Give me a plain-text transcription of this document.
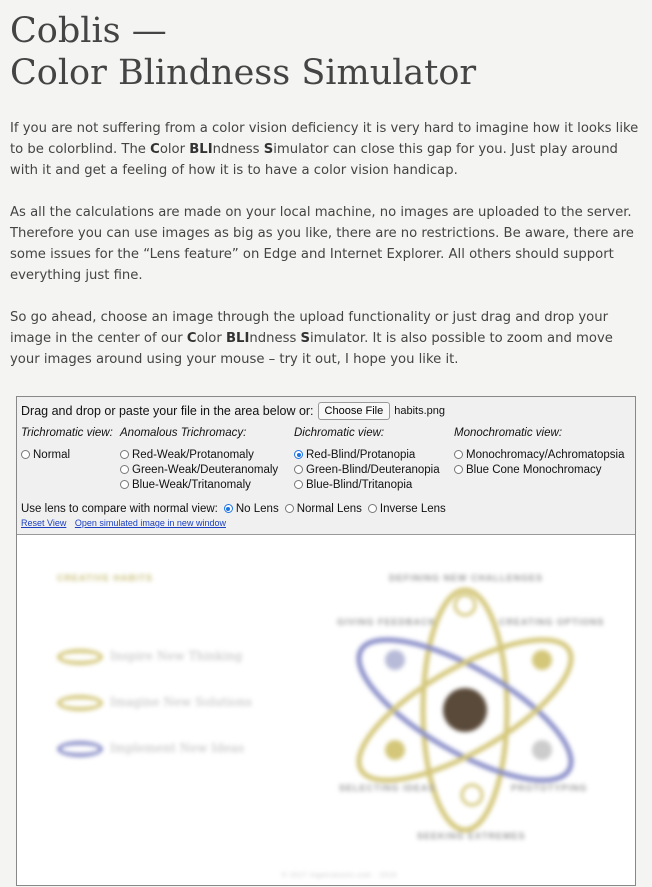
Coblis —
Color Blindness Simulator

If you are not suffering from a color vision deficiency it is very hard to imagine how it looks like to be colorblind. The Color BLIndness Simulator can close this gap for you. Just play around with it and get a feeling of how it is to have a color vision handicap.

As all the calculations are made on your local machine, no images are uploaded to the server. Therefore you can use images as big as you like, there are no restrictions. Be aware, there are some issues for the “Lens feature” on Edge and Internet Explorer. All others should support everything just fine.

So go ahead, choose an image through the upload functionality or just drag and drop your image in the center of our Color BLIndness Simulator. It is also possible to zoom and move your images around using your mouse – try it out, I hope you like it.

Drag and drop or paste your file in the area below or:	Choose File	habits.png
Trichromatic view:
Normal
Anomalous Trichromacy:
Red-Weak/Protanomaly
Green-Weak/Deuteranomaly
Blue-Weak/Tritanomaly
Dichromatic view:
Red-Blind/Protanopia
Green-Blind/Deuteranopia
Blue-Blind/Tritanopia
Monochromatic view:
Monochromacy/Achromatopsia
Blue Cone Monochromacy
Use lens to compare with normal view: No Lens Normal Lens Inverse Lens
Reset View Open simulated image in new window
CREATIVE HABITS
Inspire New Thinking
Imagine New Solutions
Implement New Ideas
DEFINING NEW CHALLENGES
GIVING FEEDBACK	CREATING OPTIONS
SELECTING IDEAS	PROTOTYPING
SEEKING EXTREMES
© 2017 Ingeniatools.com · 2015
